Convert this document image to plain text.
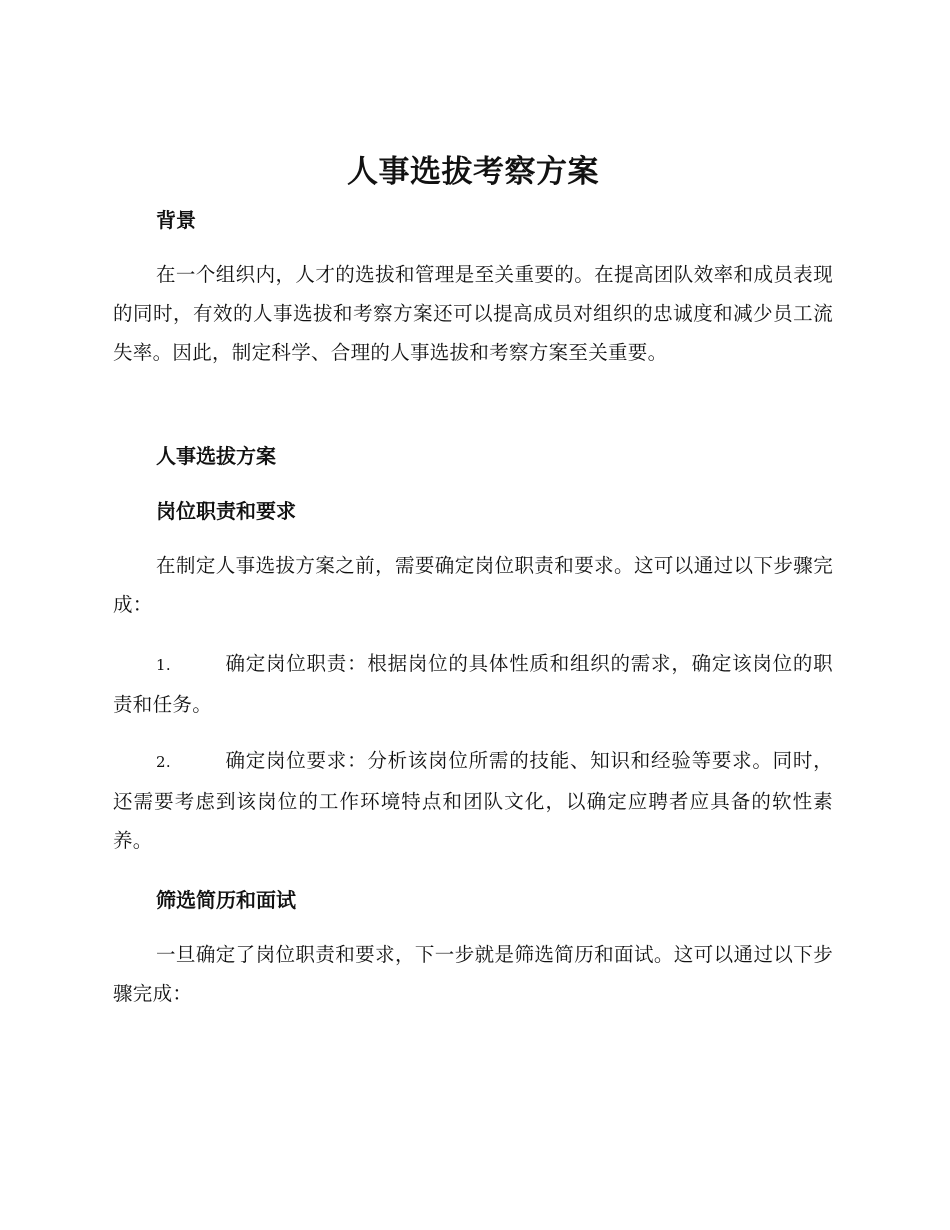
人事选拔考察方案
背景
在一个组织内，人才的选拔和管理是至关重要的。在提高团队效率和成员表现的同时，有效的人事选拔和考察方案还可以提高成员对组织的忠诚度和减少员工流失率。因此，制定科学、合理的人事选拔和考察方案至关重要。
人事选拔方案
岗位职责和要求
在制定人事选拔方案之前，需要确定岗位职责和要求。这可以通过以下步骤完成：
1.	确定岗位职责：根据岗位的具体性质和组织的需求，确定该岗位的职责和任务。
2.	确定岗位要求：分析该岗位所需的技能、知识和经验等要求。同时，还需要考虑到该岗位的工作环境特点和团队文化，以确定应聘者应具备的软性素养。
筛选简历和面试
一旦确定了岗位职责和要求，下一步就是筛选简历和面试。这可以通过以下步骤完成：
